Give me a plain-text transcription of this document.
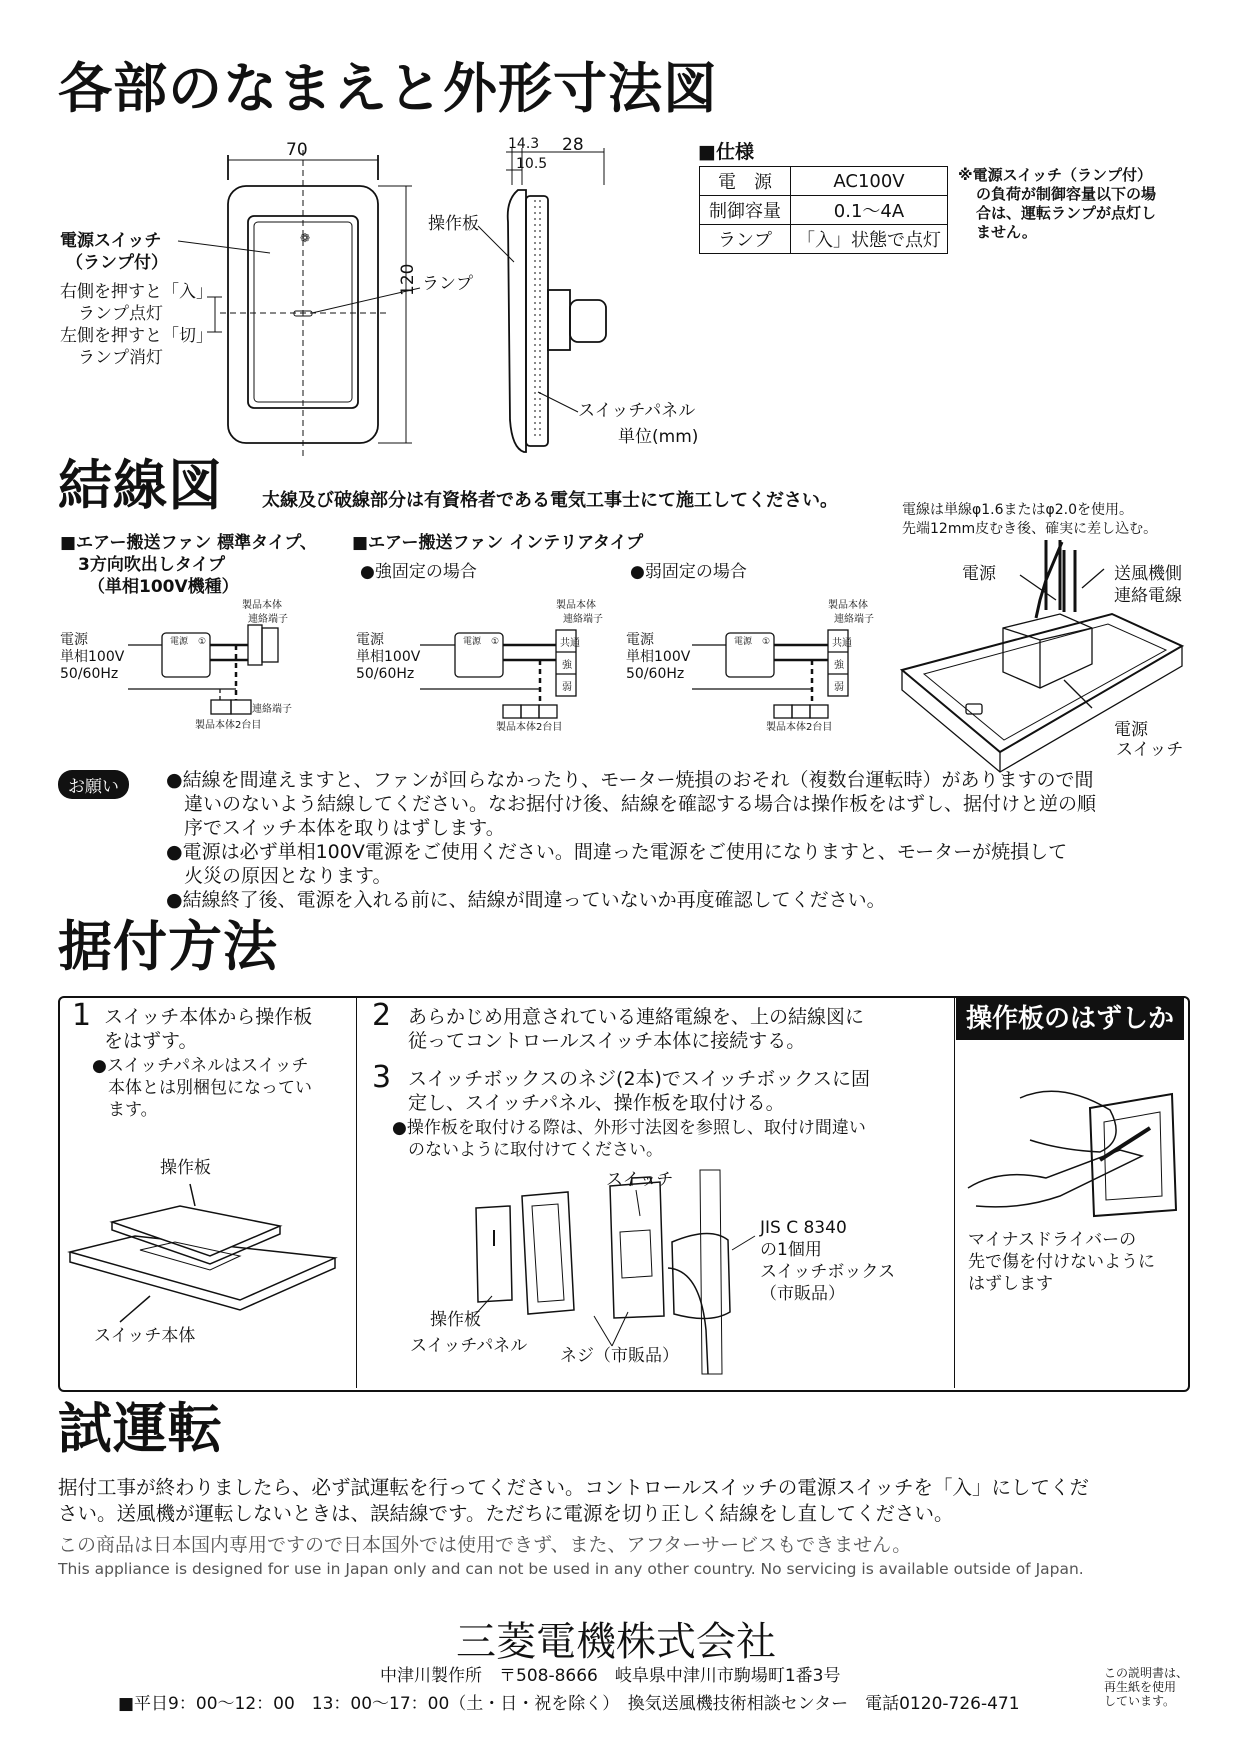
各部のなまえと外形寸法図
❁
70
120
14.3 28
10.5
電源スイッチ
（ランプ付）
右側を押すと「入」
ランプ点灯
左側を押すと「切」
ランプ消灯
操作板
ランプ
スイッチパネル
単位(mm)
■仕様
電　源	AC100V
制御容量	0.1～4A
ランプ	「入」状態で点灯
※電源スイッチ（ランプ付）
の負荷が制御容量以下の場
合は、運転ランプが点灯し
ません。
結線図 太線及び破線部分は有資格者である電気工事士にて施工してください。
■エアー搬送ファン 標準タイプ、
3方向吹出しタイプ
（単相100V機種）
■エアー搬送ファン インテリアタイプ
●強固定の場合	●弱固定の場合
電源 ①	電源 ①	電源 ①
電源
単相100V
50/60Hz
製品本体
連絡端子
連絡端子
製品本体2台目
電源
単相100V
50/60Hz
製品本体
連絡端子
共通
強
弱
製品本体2台目
電源
単相100V
50/60Hz
製品本体
連絡端子
共通
強
弱
製品本体2台目
電線は単線φ1.6またはφ2.0を使用。
先端12mm皮むき後、確実に差し込む。
電源	送風機側
連絡電線
電源
スイッチ
お願い	●結線を間違えますと、ファンが回らなかったり、モーター焼損のおそれ（複数台運転時）がありますので間
違いのないよう結線してください。なお据付け後、結線を確認する場合は操作板をはずし、据付けと逆の順
序でスイッチ本体を取りはずします。
●電源は必ず単相100V電源をご使用ください。間違った電源をご使用になりますと、モーターが焼損して
火災の原因となります。
●結線終了後、電源を入れる前に、結線が間違っていないか再度確認してください。
据付方法
1 スイッチ本体から操作板
をはずす。
●スイッチパネルはスイッチ
本体とは別梱包になってい
ます。
操作板
スイッチ本体
2 あらかじめ用意されている連絡電線を、上の結線図に
従ってコントロールスイッチ本体に接続する。
3 スイッチボックスのネジ(2本)でスイッチボックスに固
定し、スイッチパネル、操作板を取付ける。
●操作板を取付ける際は、外形寸法図を参照し、取付け間違い
のないように取付けてください。
スイッチ
JIS C 8340
の1個用
スイッチボックス
（市販品）
操作板
スイッチパネル ネジ（市販品）
操作板のはずしかた
マイナスドライバーの
先で傷を付けないように
はずします
試運転
据付工事が終わりましたら、必ず試運転を行ってください。コントロールスイッチの電源スイッチを「入」にしてくだ
さい。送風機が運転しないときは、誤結線です。ただちに電源を切り正しく結線をし直してください。
この商品は日本国内専用ですので日本国外では使用できず、また、アフターサービスもできません。
This appliance is designed for use in Japan only and can not be used in any other country. No servicing is available outside of Japan.
三菱電機株式会社
中津川製作所　〒508-8666　岐阜県中津川市駒場町1番3号
■平日9：00～12：00　13：00～17：00（土・日・祝を除く）　換気送風機技術相談センター　電話0120-726-471
この説明書は、
再生紙を使用
しています。
